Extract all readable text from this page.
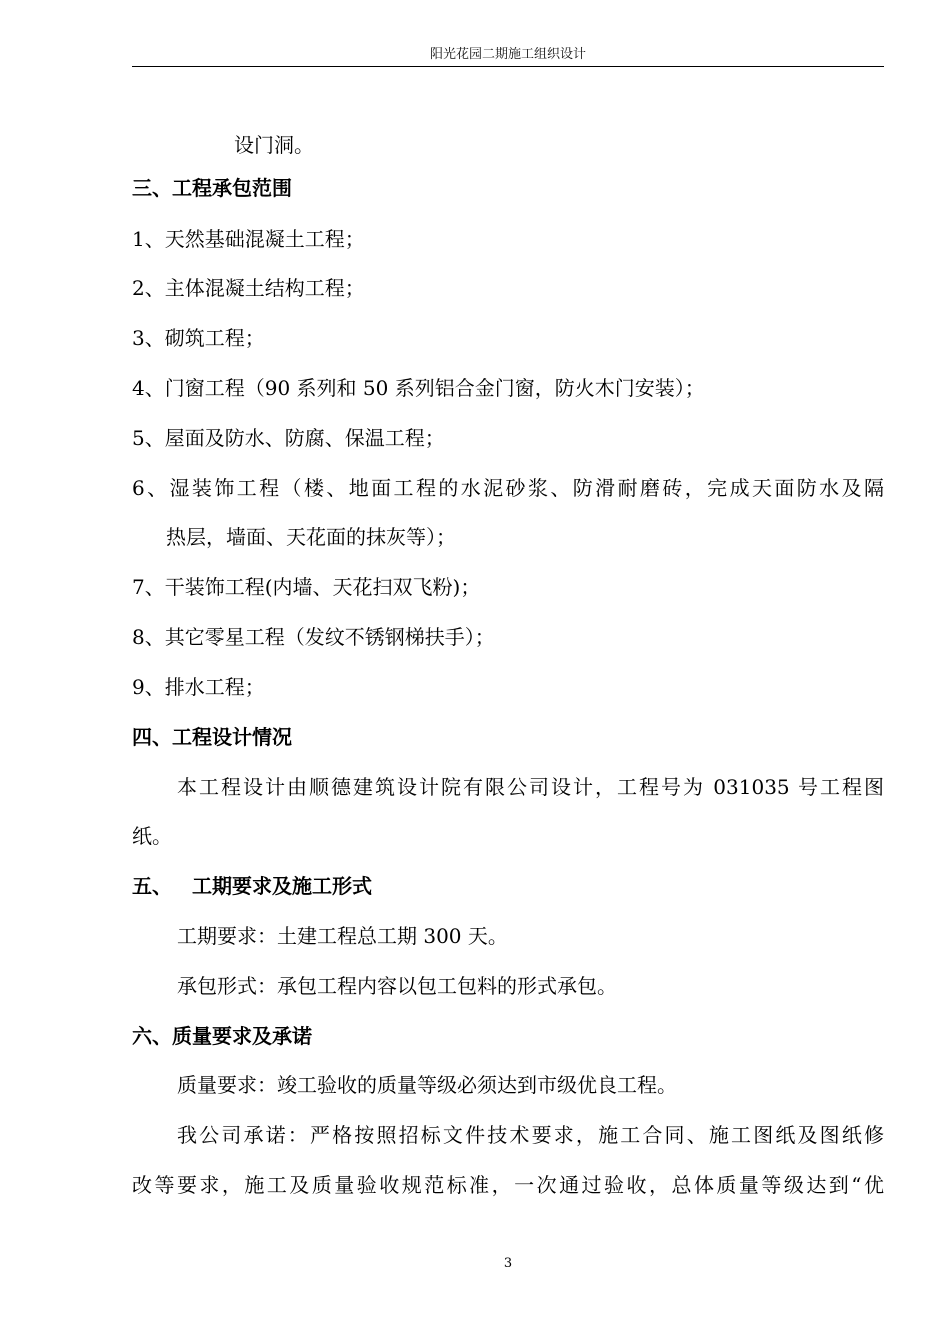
阳光花园二期施工组织设计
设门洞。
三、工程承包范围
1、天然基础混凝土工程；
2、主体混凝土结构工程；
3、砌筑工程；
4、门窗工程（90 系列和 50 系列铝合金门窗，防火木门安装）；
5、屋面及防水、防腐、保温工程；
6、湿装饰工程（楼、地面工程的水泥砂浆、防滑耐磨砖，完成天面防水及隔
热层，墙面、天花面的抹灰等）；
7、干装饰工程(内墙、天花扫双飞粉)；
8、其它零星工程（发纹不锈钢梯扶手）；
9、排水工程；
四、工程设计情况
本工程设计由顺德建筑设计院有限公司设计，工程号为 031035 号工程图
纸。
五、 工期要求及施工形式
工期要求：土建工程总工期 300 天。
承包形式：承包工程内容以包工包料的形式承包。
六、质量要求及承诺
质量要求：竣工验收的质量等级必须达到市级优良工程。
我公司承诺：严格按照招标文件技术要求，施工合同、施工图纸及图纸修
改等要求，施工及质量验收规范标准，一次通过验收，总体质量等级达到“优
3
